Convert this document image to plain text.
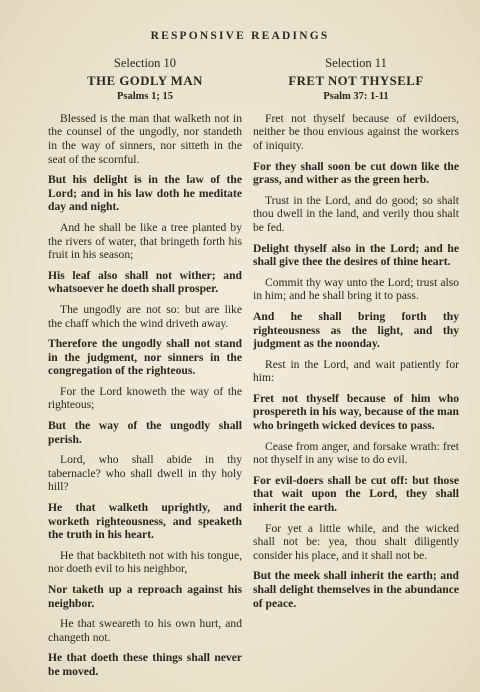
RESPONSIVE READINGS
Selection 10
THE GODLY MAN
Psalms 1; 15

Blessed is the man that walketh not in the counsel of the ungodly, nor standeth in the way of sinners, nor sitteth in the seat of the scornful.

But his delight is in the law of the Lord; and in his law doth he meditate day and night.

And he shall be like a tree planted by the rivers of water, that bringeth forth his fruit in his season;

His leaf also shall not wither; and whatsoever he doeth shall prosper.

The ungodly are not so: but are like the chaff which the wind driveth away.

Therefore the ungodly shall not stand in the judgment, nor sinners in the congregation of the righteous.

For the Lord knoweth the way of the righteous;

But the way of the ungodly shall perish.

Lord, who shall abide in thy tabernacle? who shall dwell in thy holy hill?

He that walketh uprightly, and worketh righteousness, and speaketh the truth in his heart.

He that backbiteth not with his tongue, nor doeth evil to his neighbor,

Nor taketh up a reproach against his neighbor.

He that sweareth to his own hurt, and changeth not.

He that doeth these things shall never be moved.

Selection 11
FRET NOT THYSELF
Psalm 37: 1-11

Fret not thyself because of evildoers, neither be thou envious against the workers of iniquity.

For they shall soon be cut down like the grass, and wither as the green herb.

Trust in the Lord, and do good; so shalt thou dwell in the land, and verily thou shalt be fed.

Delight thyself also in the Lord; and he shall give thee the desires of thine heart.

Commit thy way unto the Lord; trust also in him; and he shall bring it to pass.

And he shall bring forth thy righteousness as the light, and thy judgment as the noonday.

Rest in the Lord, and wait patiently for him:

Fret not thyself because of him who prospereth in his way, because of the man who bringeth wicked devices to pass.

Cease from anger, and forsake wrath: fret not thyself in any wise to do evil.

For evil-doers shall be cut off: but those that wait upon the Lord, they shall inherit the earth.

For yet a little while, and the wicked shall not be: yea, thou shalt diligently consider his place, and it shall not be.

But the meek shall inherit the earth; and shall delight themselves in the abundance of peace.
